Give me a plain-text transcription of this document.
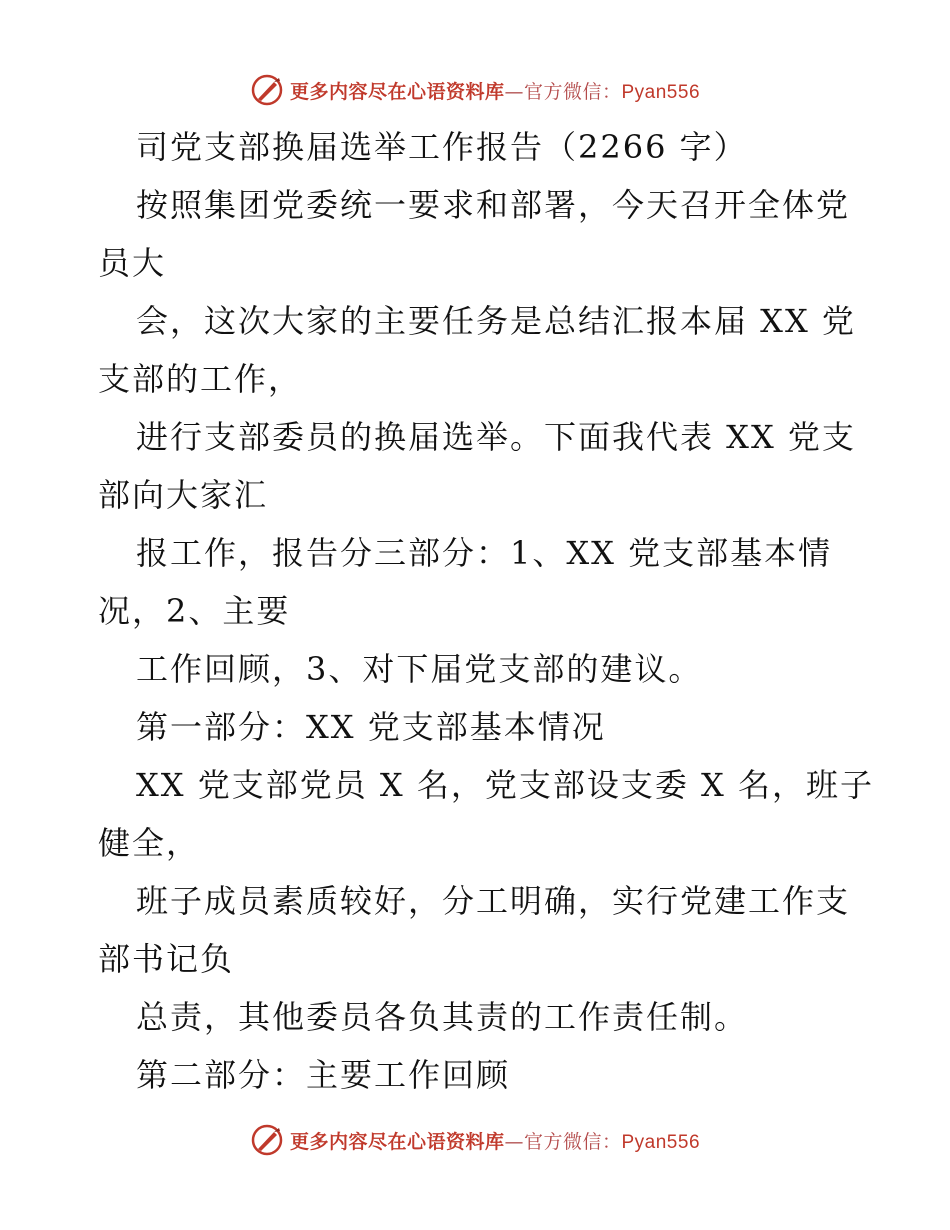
更多内容尽在心语资料库—官方微信：Pyan556
司党支部换届选举工作报告（2266 字）
按照集团党委统一要求和部署，今天召开全体党
员大
会，这次大家的主要任务是总结汇报本届 XX 党
支部的工作，
进行支部委员的换届选举。下面我代表 XX 党支
部向大家汇
报工作，报告分三部分：1、XX 党支部基本情
况，2、主要
工作回顾，3、对下届党支部的建议。
第一部分：XX 党支部基本情况
XX 党支部党员 X 名，党支部设支委 X 名，班子
健全，
班子成员素质较好，分工明确，实行党建工作支
部书记负
总责，其他委员各负其责的工作责任制。
第二部分：主要工作回顾
更多内容尽在心语资料库—官方微信：Pyan556
